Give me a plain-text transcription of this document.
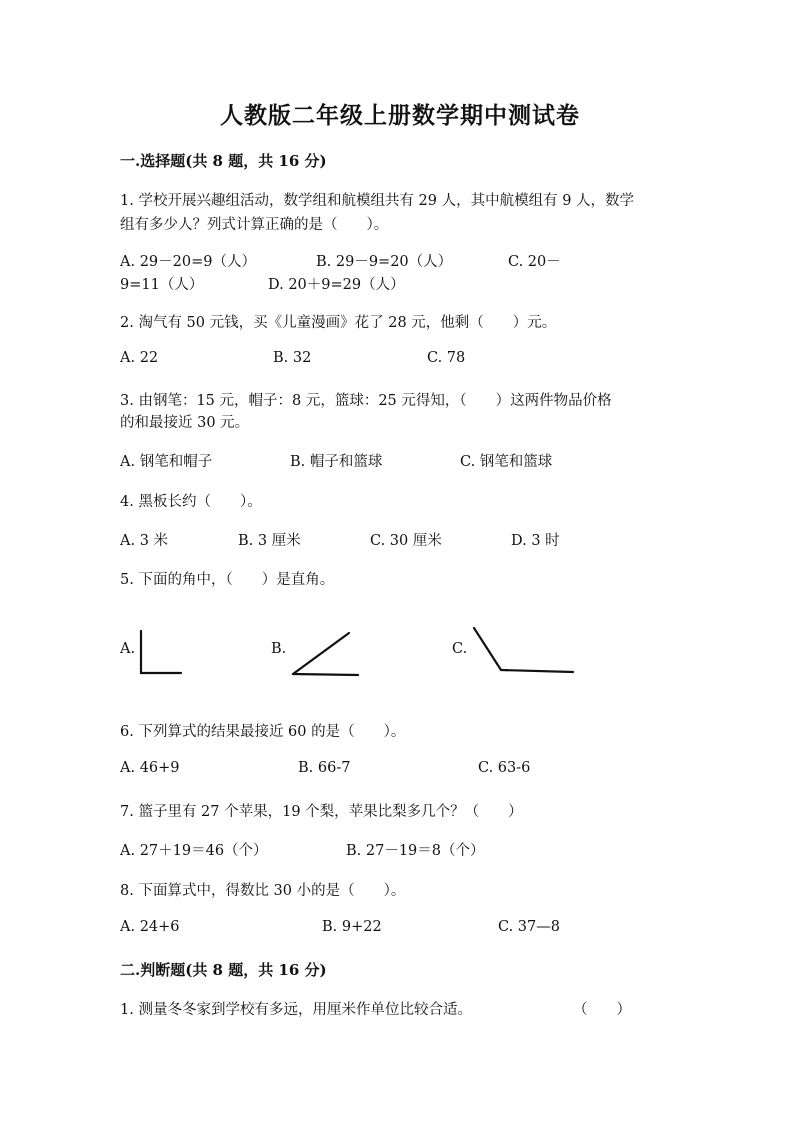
人教版二年级上册数学期中测试卷
一.选择题(共 8 题，共 16 分)
1. 学校开展兴趣组活动，数学组和航模组共有 29 人，其中航模组有 9 人，数学
组有多少人？列式计算正确的是（　　）。
A. 29－20=9（人）	B. 29－9=20（人）	C. 20－
9=11（人）	D. 20＋9=29（人）
2. 淘气有 50 元钱，买《儿童漫画》花了 28 元，他剩（　　）元。
A. 22	B. 32	C. 78
3. 由钢笔：15 元，帽子：8 元，篮球：25 元得知，（　　）这两件物品价格
的和最接近 30 元。
A. 钢笔和帽子	B. 帽子和篮球	C. 钢笔和篮球
4. 黑板长约（　　）。
A. 3 米	B. 3 厘米	C. 30 厘米	D. 3 时
5. 下面的角中，（　　）是直角。
A.	B.	C.
6. 下列算式的结果最接近 60 的是（　　）。
A. 46+9	B. 66-7	C. 63-6
7. 篮子里有 27 个苹果，19 个梨，苹果比梨多几个？（　　）
A. 27＋19＝46（个）	B. 27－19＝8（个）
8. 下面算式中，得数比 30 小的是（　　）。
A. 24+6	B. 9+22	C. 37—8
二.判断题(共 8 题，共 16 分)
1. 测量冬冬家到学校有多远，用厘米作单位比较合适。	（　　）
